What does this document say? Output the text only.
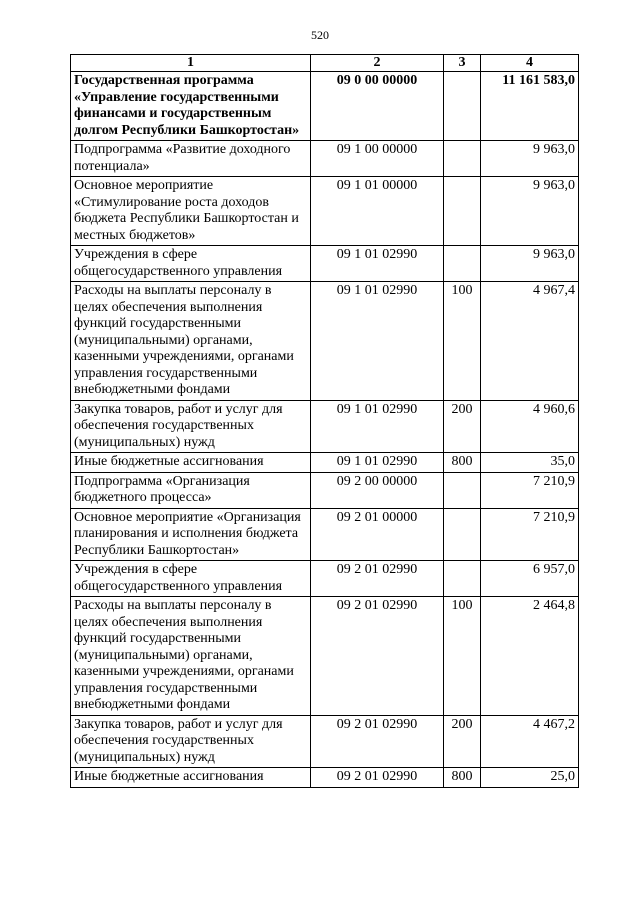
520
1	2	3	4
Государственная программа «Управление государственными финансами и государственным долгом Республики Башкортостан»	09 0 00 00000		11 161 583,0
Подпрограмма «Развитие доходного потенциала»	09 1 00 00000		9 963,0
Основное мероприятие «Стимулирование роста доходов бюджета Республики Башкортостан и местных бюджетов»	09 1 01 00000		9 963,0
Учреждения в сфере общегосударственного управления	09 1 01 02990		9 963,0
Расходы на выплаты персоналу в целях обеспечения выполнения функций государственными (муниципальными) органами, казенными учреждениями, органами управления государственными внебюджетными фондами	09 1 01 02990	100	4 967,4
Закупка товаров, работ и услуг для обеспечения государственных (муниципальных) нужд	09 1 01 02990	200	4 960,6
Иные бюджетные ассигнования	09 1 01 02990	800	35,0
Подпрограмма «Организация бюджетного процесса»	09 2 00 00000		7 210,9
Основное мероприятие «Организация планирования и исполнения бюджета Республики Башкортостан»	09 2 01 00000		7 210,9
Учреждения в сфере общегосударственного управления	09 2 01 02990		6 957,0
Расходы на выплаты персоналу в целях обеспечения выполнения функций государственными (муниципальными) органами, казенными учреждениями, органами управления государственными внебюджетными фондами	09 2 01 02990	100	2 464,8
Закупка товаров, работ и услуг для обеспечения государственных (муниципальных) нужд	09 2 01 02990	200	4 467,2
Иные бюджетные ассигнования	09 2 01 02990	800	25,0
